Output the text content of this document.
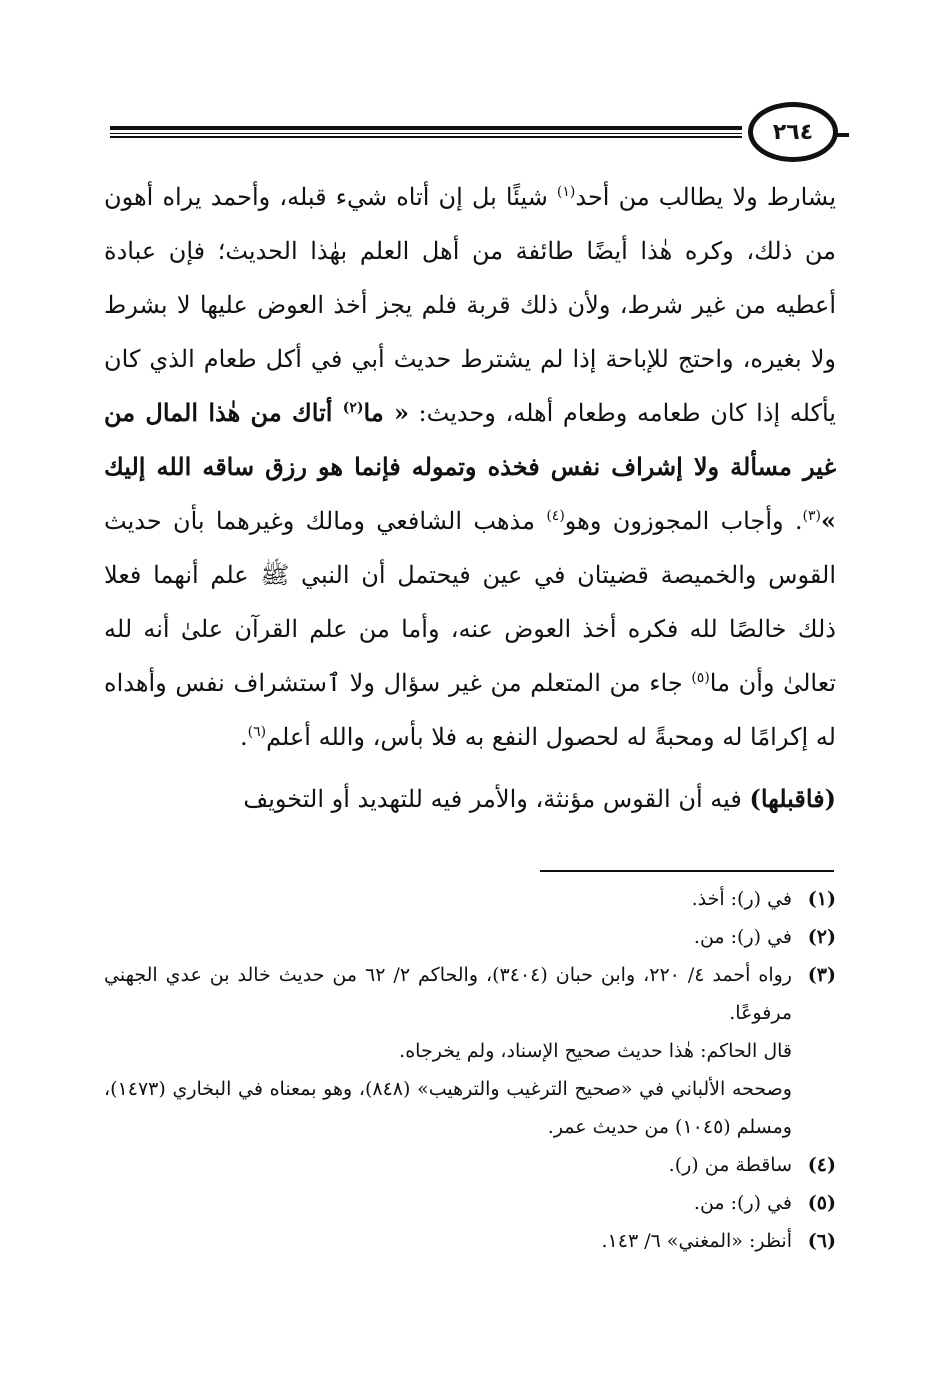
٢٦٤

يشارط ولا يطالب من أحد$^{(١)}$ شيئًا بل إن أتاه شيء قبله، وأحمد يراه أهون من ذلك، وكره هٰذا أيضًا طائفة من أهل العلم بهٰذا الحديث؛ فإن عبادة أعطيه من غير شرط، ولأن ذلك قربة فلم يجز أخذ العوض عليها لا بشرط ولا بغيره، واحتج للإباحة إذا لم يشترط حديث أبي في أكل طعام الذي كان يأكله إذا كان طعامه وطعام أهله، وحديث: « ما$^{(٢)}$ أتاك من هٰذا المال من غير مسألة ولا إشراف نفس فخذه وتموله فإنما هو رزق ساقه الله إليك »$^{(٣)}$. وأجاب المجوزون وهو$^{(٤)}$ مذهب الشافعي ومالك وغيرهما بأن حديث القوس والخميصة قضيتان في عين فيحتمل أن النبي ﷺ علم أنهما فعلا ذلك خالصًا لله فكره أخذ العوض عنه، وأما من علم القرآن علىٰ أنه لله تعالىٰ وأن ما$^{(٥)}$ جاء من المتعلم من غير سؤال ولا ٱستشراف نفس وأهداه له إكرامًا له ومحبةً له لحصول النفع به فلا بأس، والله أعلم$^{(٦)}$.

(فاقبلها) فيه أن القوس مؤنثة، والأمر فيه للتهديد أو التخويف

(١)
في (ر): أخذ.
(٢)
في (ر): من.
(٣)
رواه أحمد ٤/ ٢٢٠، وابن حبان (٣٤٠٤)، والحاكم ٢/ ٦٢ من حديث خالد بن عدي الجهني مرفوعًا.
قال الحاكم: هٰذا حديث صحيح الإسناد، ولم يخرجاه.
وصححه الألباني في «صحيح الترغيب والترهيب» (٨٤٨)، وهو بمعناه في البخاري (١٤٧٣)، ومسلم (١٠٤٥) من حديث عمر.
(٤)
ساقطة من (ر).
(٥)
في (ر): من.
(٦)
أنظر: «المغني» ٦/ ١٤٣.
